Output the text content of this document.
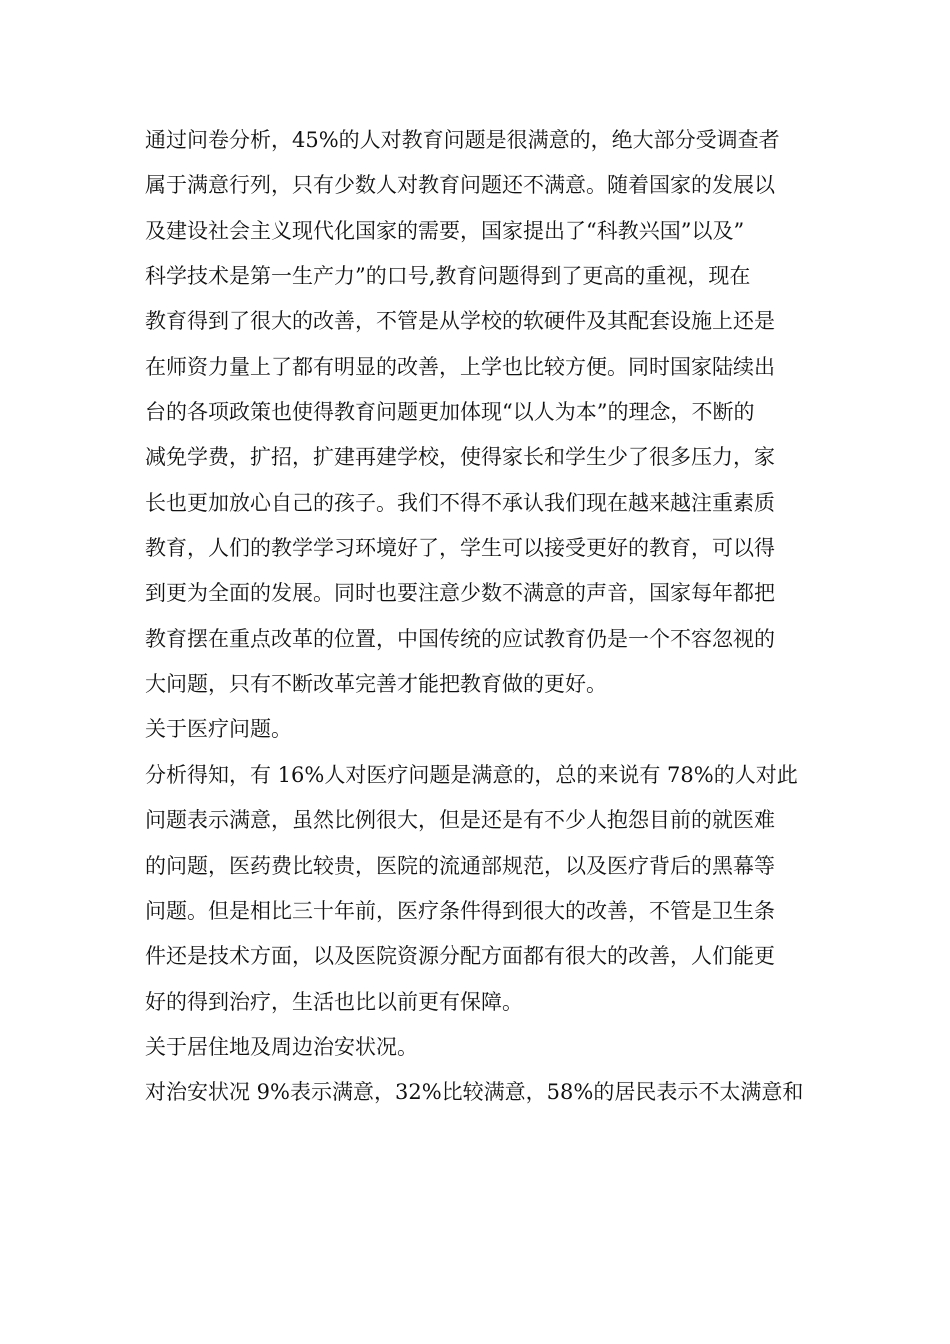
通过问卷分析，45%的人对教育问题是很满意的，绝大部分受调查者
属于满意行列，只有少数人对教育问题还不满意。随着国家的发展以
及建设社会主义现代化国家的需要，国家提出了“科教兴国”以及”
科学技术是第一生产力”的口号,教育问题得到了更高的重视，现在
教育得到了很大的改善，不管是从学校的软硬件及其配套设施上还是
在师资力量上了都有明显的改善，上学也比较方便。同时国家陆续出
台的各项政策也使得教育问题更加体现“以人为本”的理念，不断的
减免学费，扩招，扩建再建学校，使得家长和学生少了很多压力，家
长也更加放心自己的孩子。我们不得不承认我们现在越来越注重素质
教育，人们的教学学习环境好了，学生可以接受更好的教育，可以得
到更为全面的发展。同时也要注意少数不满意的声音，国家每年都把
教育摆在重点改革的位置，中国传统的应试教育仍是一个不容忽视的
大问题，只有不断改革完善才能把教育做的更好。
关于医疗问题。
分析得知，有 16%人对医疗问题是满意的，总的来说有 78%的人对此
问题表示满意，虽然比例很大，但是还是有不少人抱怨目前的就医难
的问题，医药费比较贵，医院的流通部规范，以及医疗背后的黑幕等
问题。但是相比三十年前，医疗条件得到很大的改善，不管是卫生条
件还是技术方面，以及医院资源分配方面都有很大的改善，人们能更
好的得到治疗，生活也比以前更有保障。
关于居住地及周边治安状况。
对治安状况 9%表示满意，32%比较满意，58%的居民表示不太满意和
